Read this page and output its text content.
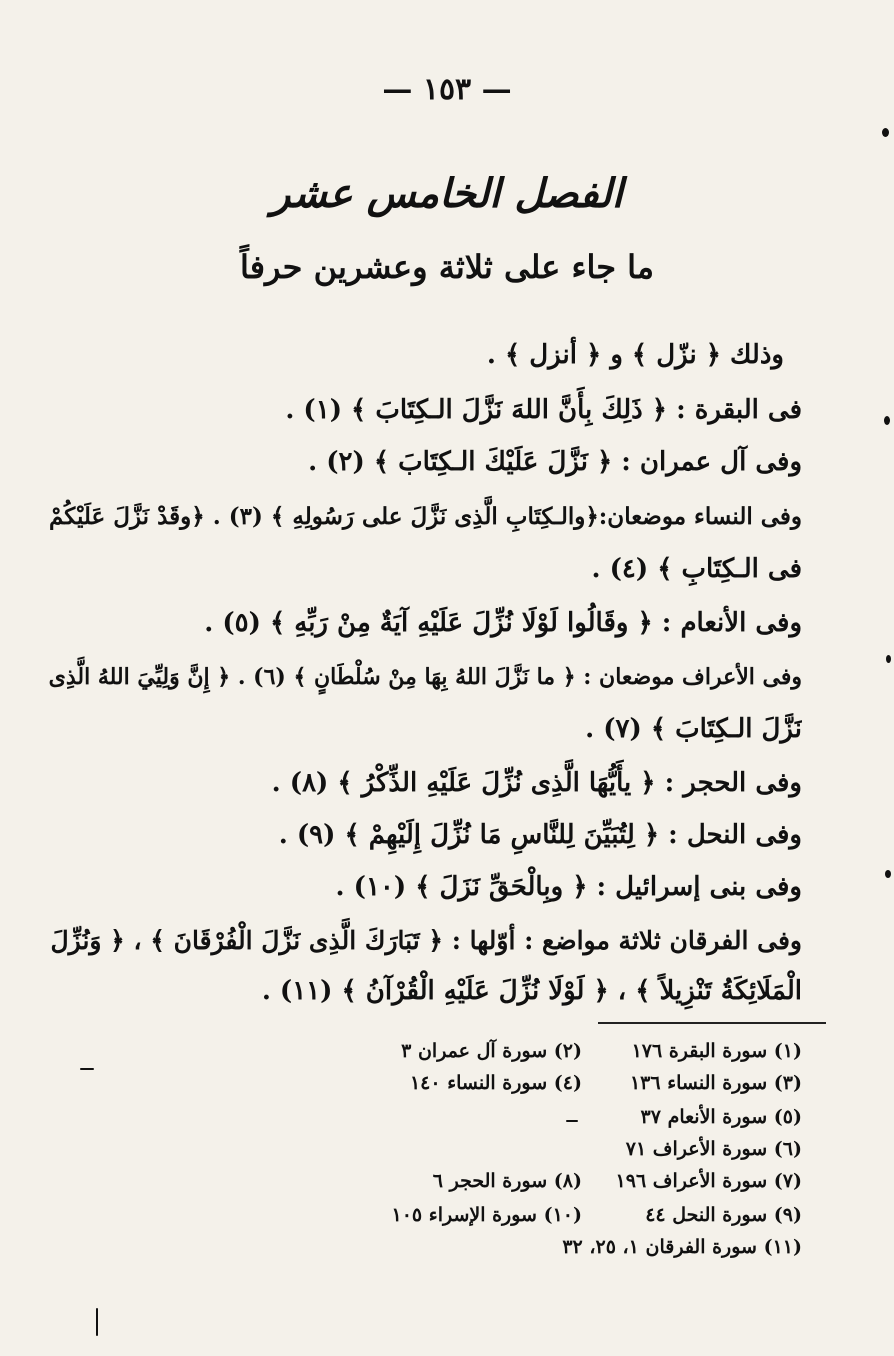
— ١٥٣ —
الفصل الخامس عشر
ما جاء على ثلاثة وعشرين حرفاً
وذلك ﴿ نزّل ﴾ و ﴿ أنزل ﴾ .
فى البقرة : ﴿ ذَلِكَ بِأَنَّ اللهَ نَزَّلَ الـكِتَابَ ﴾ (١) .
وفى آل عمران : ﴿ نَزَّلَ عَلَيْكَ الـكِتَابَ ﴾ (٢) .
وفى النساء موضعان:﴿والـكِتَابِ الَّذِى نَزَّلَ على رَسُولِهِ ﴾ (٣) . ﴿وقَدْ نَزَّلَ عَلَيْكُمْ
فى الـكِتَابِ ﴾ (٤) .
وفى الأنعام : ﴿ وقَالُوا لَوْلَا نُزِّلَ عَلَيْهِ آيَةٌ مِنْ رَبِّهِ ﴾ (٥) .
وفى الأعراف موضعان : ﴿ ما نَزَّلَ اللهُ بِهَا مِنْ سُلْطَانٍ ﴾ (٦) . ﴿ إِنَّ وَلِيِّيَ اللهُ الَّذِى
نَزَّلَ الـكِتَابَ ﴾ (٧) .
وفى الحجر : ﴿ يأَيُّهَا الَّذِى نُزِّلَ عَلَيْهِ الذِّكْرُ ﴾ (٨) .
وفى النحل : ﴿ لِتُبَيِّنَ لِلنَّاسِ مَا نُزِّلَ إِلَيْهِمْ ﴾ (٩) .
وفى بنى إسرائيل : ﴿ وبِالْحَقِّ نَزَلَ ﴾ (١٠) .
وفى الفرقان ثلاثة مواضع : أوّلها : ﴿ تَبَارَكَ الَّذِى نَزَّلَ الْفُرْقَانَ ﴾ ، ﴿ وَنُزِّلَ
الْمَلَائِكَةُ تَنْزِيلاً ﴾ ، ﴿ لَوْلَا نُزِّلَ عَلَيْهِ الْقُرْآنُ ﴾ (١١) .
(١) سورة البقرة ١٧٦
(٢) سورة آل عمران ٣
(٣) سورة النساء ١٣٦
(٤) سورة النساء ١٤٠
(٥) سورة الأنعام ٣٧
(٦) سورة الأعراف ٧١
(٧) سورة الأعراف ١٩٦
(٨) سورة الحجر ٦
(٩) سورة النحل ٤٤
(١٠) سورة الإسراء ١٠٥
(١١) سورة الفرقان ١، ٢٥، ٣٢
